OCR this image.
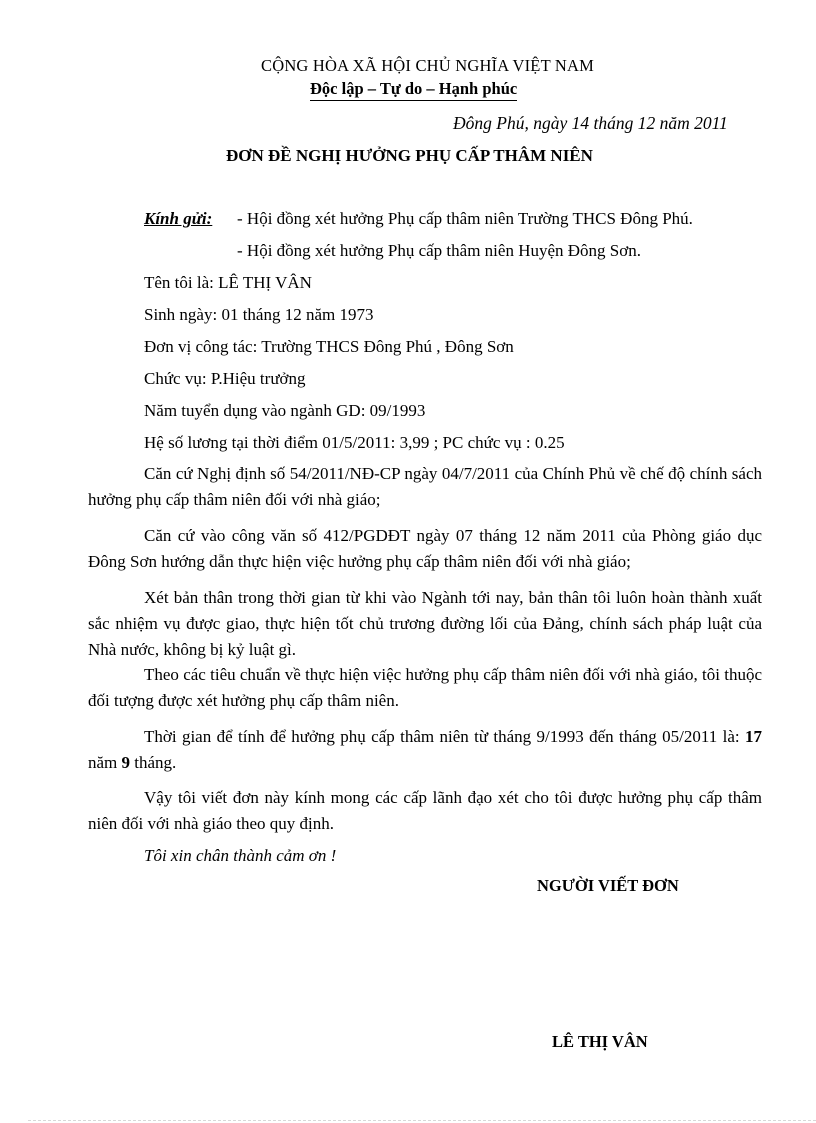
CỘNG HÒA XÃ HỘI CHỦ NGHĨA VIỆT NAM
Độc lập – Tự do – Hạnh phúc
Đông Phú, ngày 14 tháng 12 năm 2011
ĐƠN ĐỀ NGHỊ HƯỞNG PHỤ CẤP THÂM NIÊN
Kính gửi: - Hội đồng xét hưởng Phụ cấp thâm niên Trường THCS Đông Phú.
- Hội đồng xét hưởng Phụ cấp thâm niên Huyện Đông Sơn.
Tên tôi là: LÊ THỊ VÂN
Sinh ngày: 01 tháng 12 năm 1973
Đơn vị công tác: Trường THCS Đông Phú , Đông Sơn
Chức vụ: P.Hiệu trưởng
Năm tuyển dụng vào ngành GD: 09/1993
Hệ số lương tại thời điểm 01/5/2011: 3,99 ; PC chức vụ : 0.25
Căn cứ Nghị định số 54/2011/NĐ-CP ngày 04/7/2011 của Chính Phủ về chế độ chính sách hưởng phụ cấp thâm niên đối với nhà giáo;
Căn cứ vào công văn số 412/PGDĐT ngày 07 tháng 12 năm 2011 của Phòng giáo dục Đông Sơn hướng dẫn thực hiện việc hưởng phụ cấp thâm niên đối với nhà giáo;
Xét bản thân trong thời gian từ khi vào Ngành tới nay, bản thân tôi luôn hoàn thành xuất sắc nhiệm vụ được giao, thực hiện tốt chủ trương đường lối của Đảng, chính sách pháp luật của Nhà nước, không bị kỷ luật gì.
Theo các tiêu chuẩn về thực hiện việc hưởng phụ cấp thâm niên đối với nhà giáo, tôi thuộc đối tượng được xét hưởng phụ cấp thâm niên.
Thời gian để tính để hưởng phụ cấp thâm niên từ tháng 9/1993 đến tháng 05/2011 là: 17 năm 9 tháng.
Vậy tôi viết đơn này kính mong các cấp lãnh đạo xét cho tôi được hưởng phụ cấp thâm niên đối với nhà giáo theo quy định.
Tôi xin chân thành cảm ơn !
NGƯỜI VIẾT ĐƠN
LÊ THỊ VÂN
